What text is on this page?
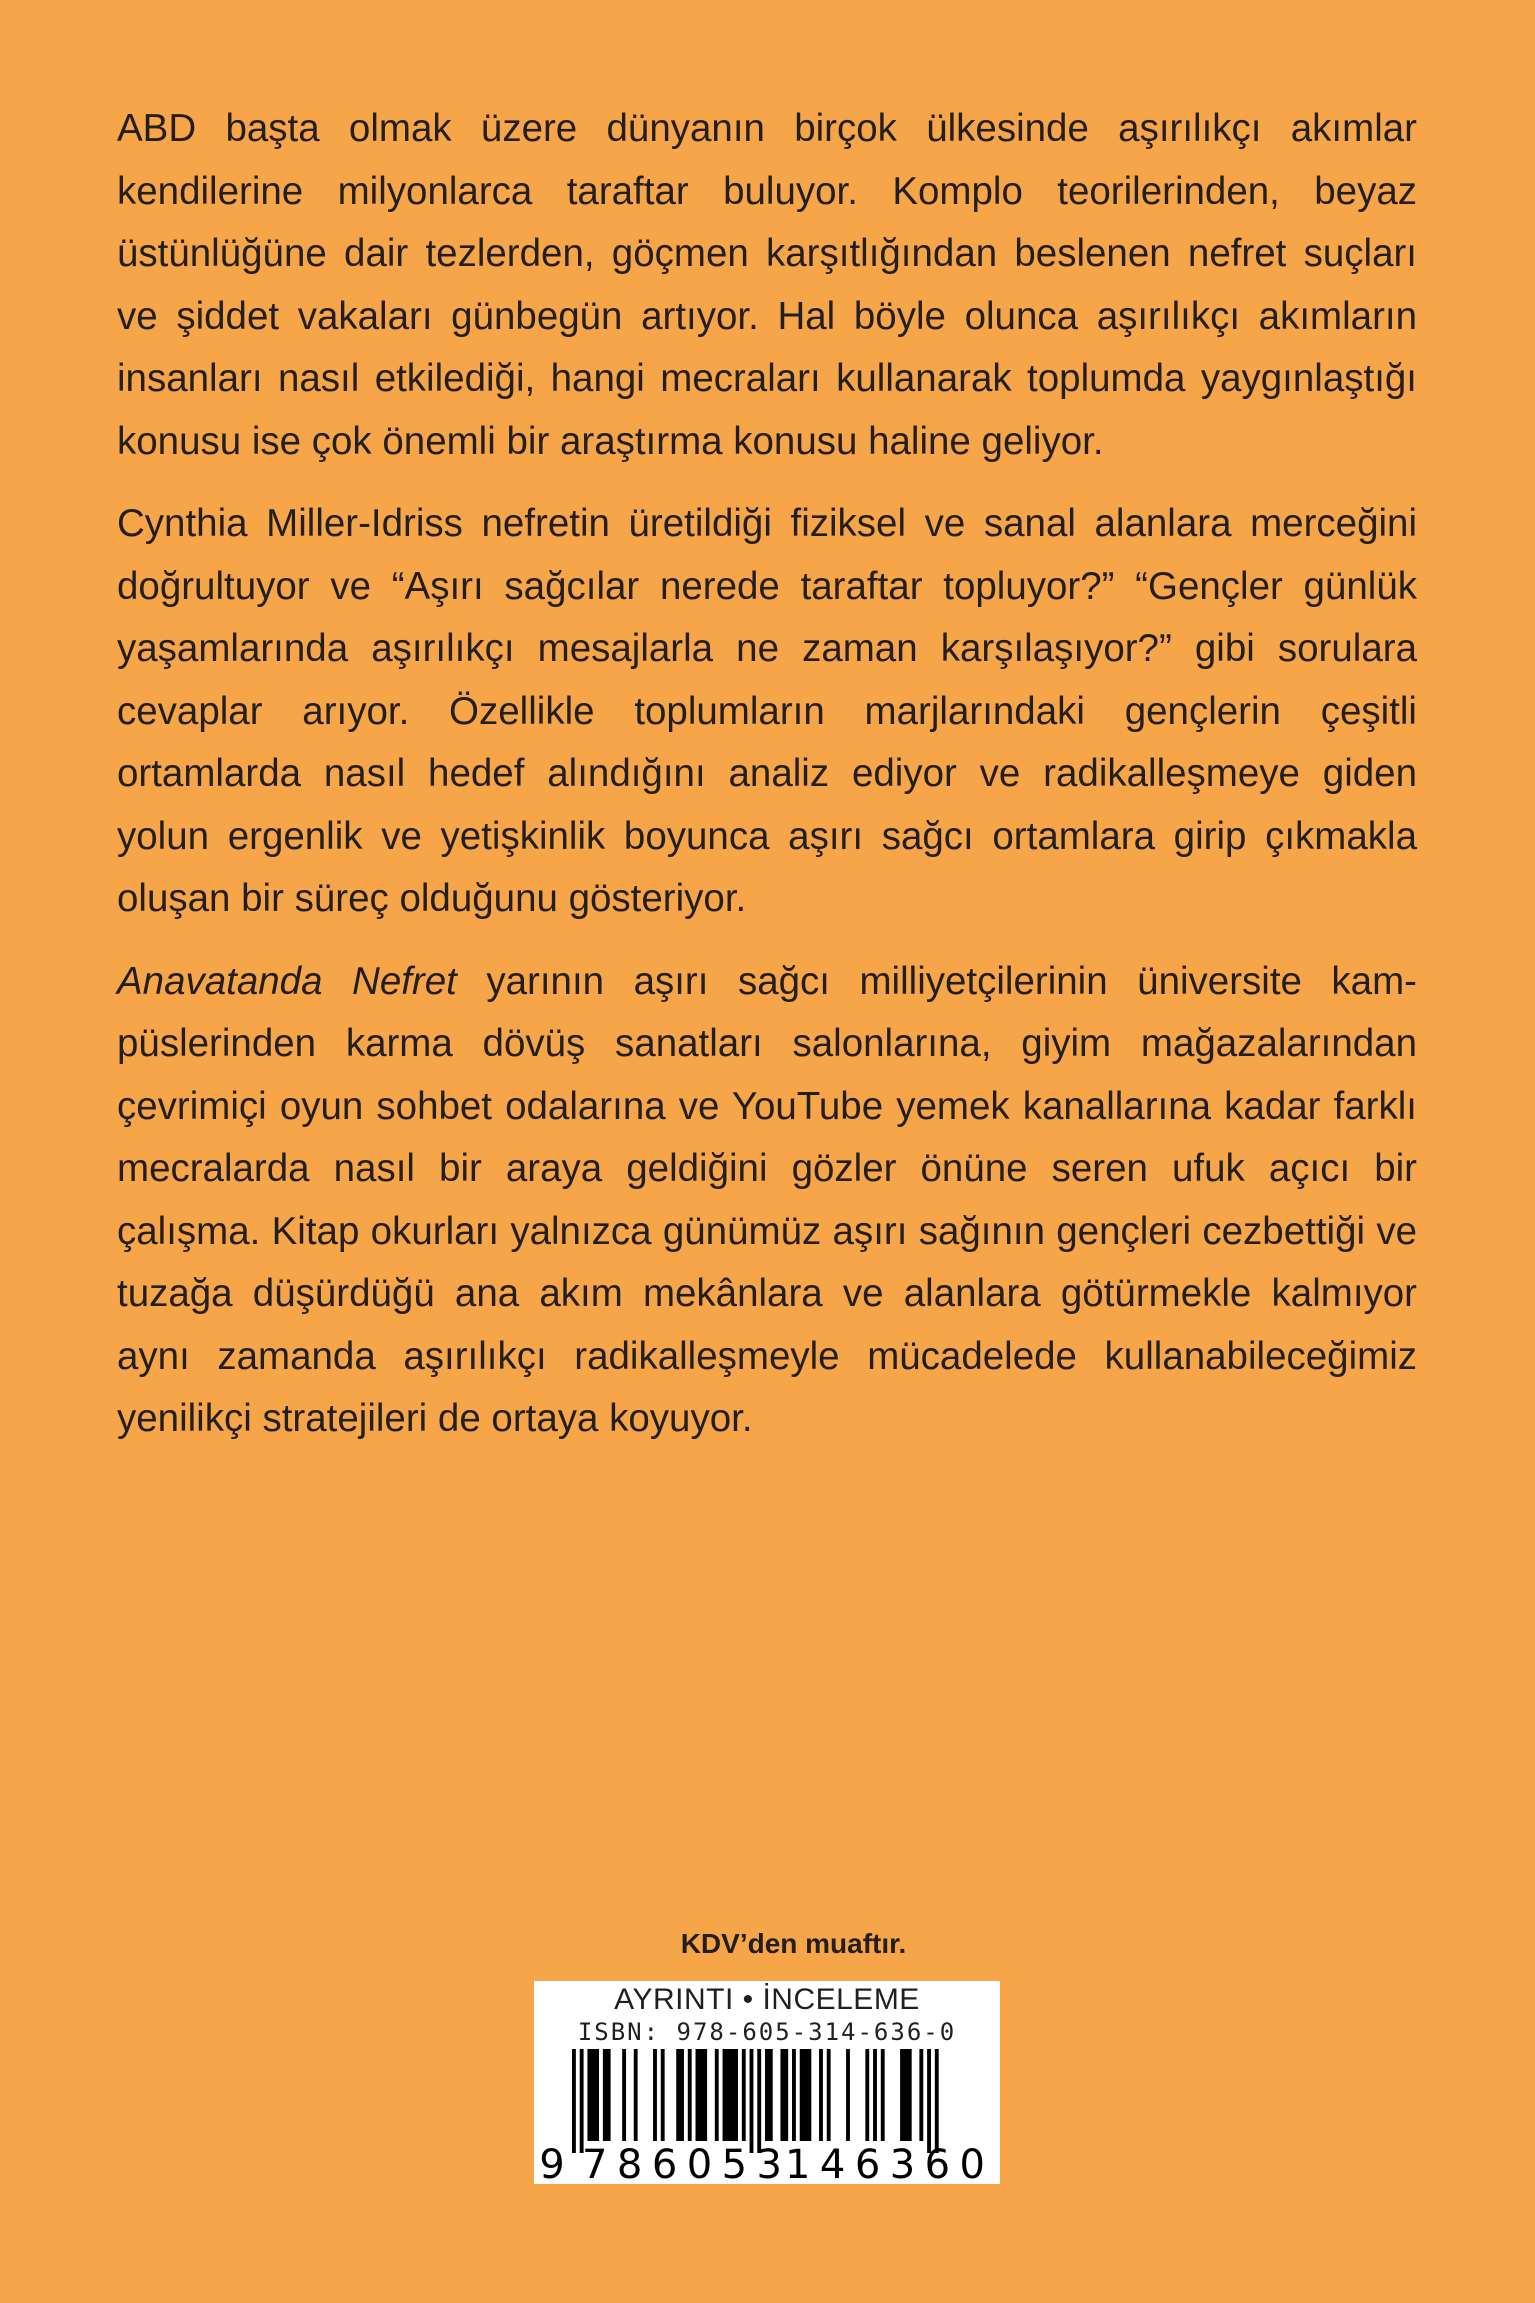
ABD başta olmak üzere dünyanın birçok ülkesinde aşırılıkçı akımlar kendilerine milyonlarca taraftar buluyor. Komplo teorilerinden, beyaz üstünlüğüne dair tezlerden, göçmen karşıtlığından beslenen nefret suçları ve şiddet vakaları günbegün artıyor. Hal böyle olunca aşırılıkçı akımların insanları nasıl etkilediği, hangi mecraları kullanarak toplumda yaygınlaştığı konusu ise çok önemli bir araştırma konusu haline geliyor.

Cynthia Miller-Idriss nefretin üretildiği fiziksel ve sanal alanlara merceğini doğrultuyor ve “Aşırı sağcılar nerede taraftar topluyor?” “Gençler günlük yaşamlarında aşırılıkçı mesajlarla ne zaman karşılaşıyor?” gibi sorulara cevaplar arıyor. Özellikle toplumların marjlarındaki gençlerin çeşitli ortamlarda nasıl hedef alındığını analiz ediyor ve radikalleşmeye giden yolun ergenlik ve yetişkinlik boyunca aşırı sağcı ortamlara girip çıkmakla oluşan bir süreç olduğunu gösteriyor.

Anavatanda Nefret yarının aşırı sağcı milliyetçilerinin üniversite kampüslerinden karma dövüş sanatları salonlarına, giyim mağazalarından çevrimiçi oyun sohbet odalarına ve YouTube yemek kanallarına kadar farklı mecralarda nasıl bir araya geldiğini gözler önüne seren ufuk açıcı bir çalışma. Kitap okurları yalnızca günümüz aşırı sağının gençleri cezbettiği ve tuzağa düşürdüğü ana akım mekânlara ve alanlara götürmekle kalmıyor aynı zamanda aşırılıkçı radikalleşmeyle mücadelede kullanabileceğimiz yenilikçi stratejileri de ortaya koyuyor.

KDV’den muaftır.
AYRINTI • İNCELEME
ISBN: 978-605-314-636-0
9 786053 146360
